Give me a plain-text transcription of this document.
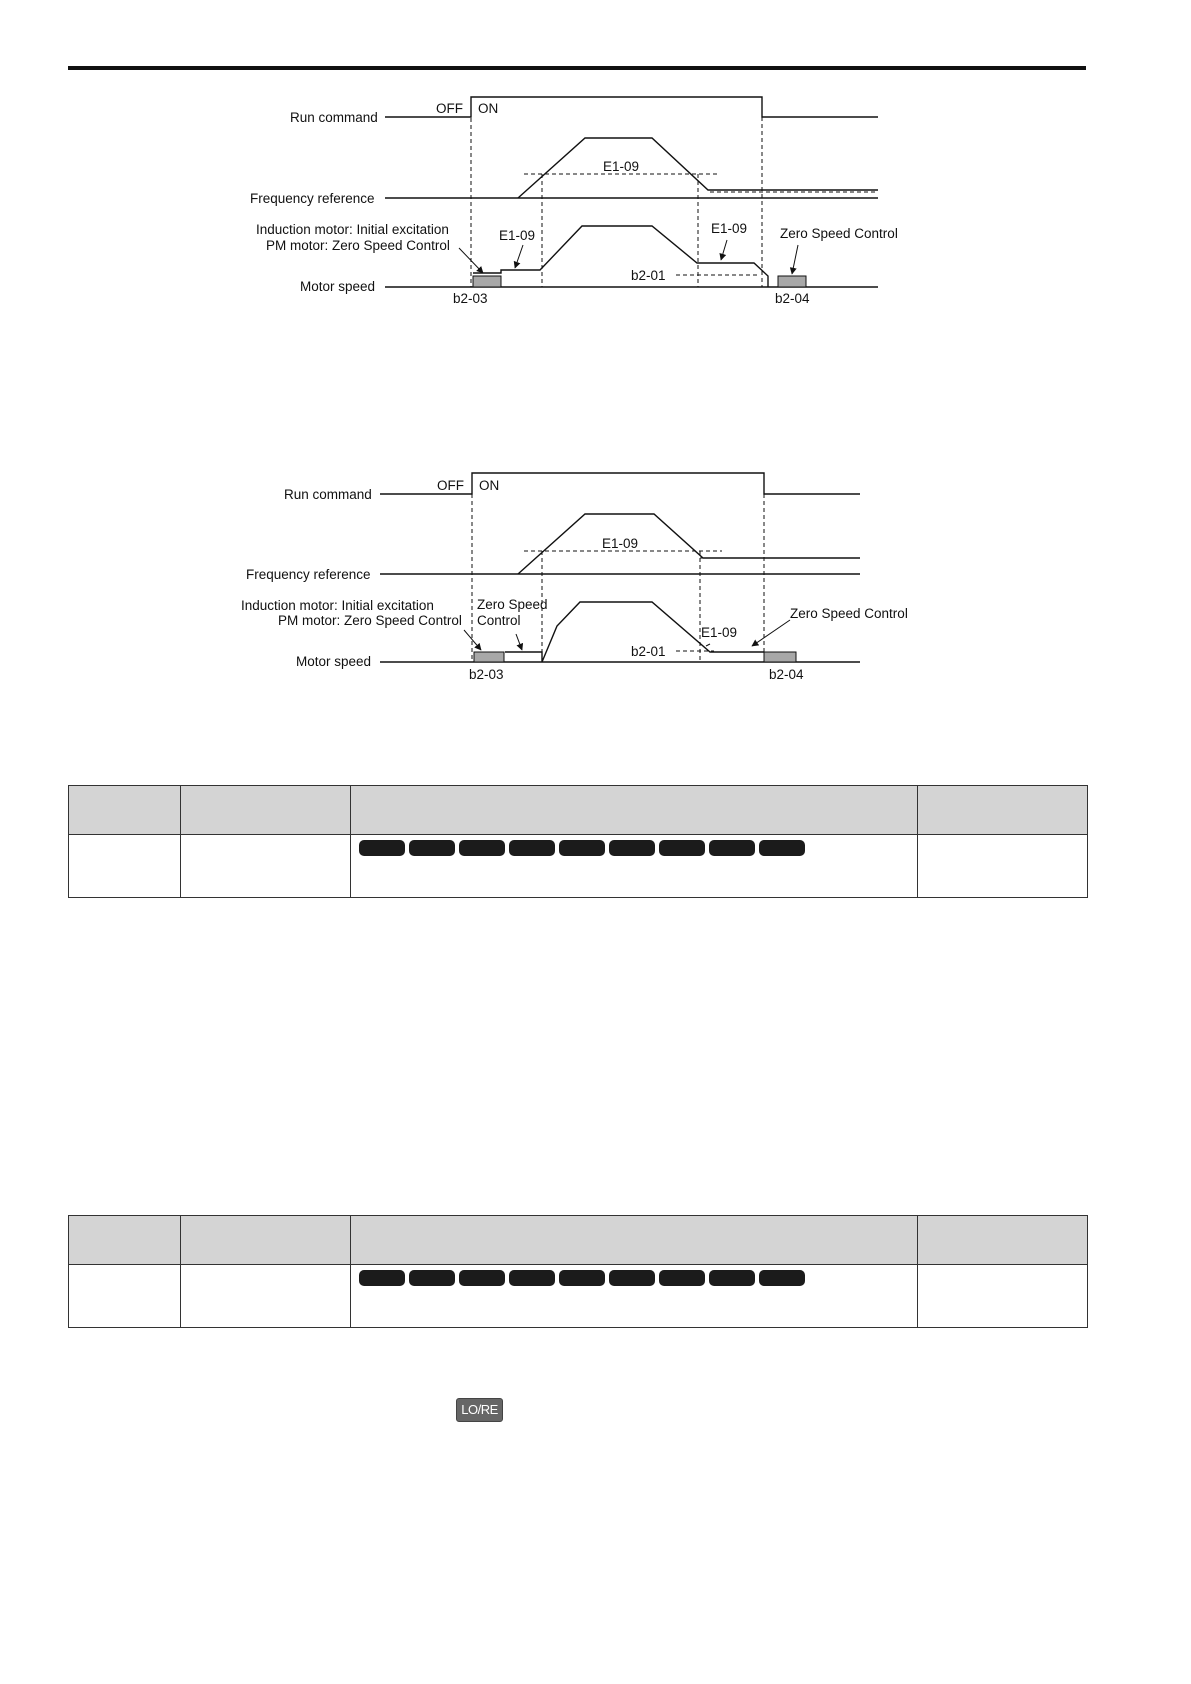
Run command
OFF ON
Frequency reference
E1-09
Induction motor: Initial excitation
PM motor: Zero Speed Control
E1-09	E1-09 Zero Speed Control
b2-01
Motor speed
b2-03	b2-04
Run command
OFF ON
Frequency reference
E1-09
Induction motor: Initial excitation
PM motor: Zero Speed Control
Zero Speed
Control
E1-09
Zero Speed Control
b2-01
Motor speed
b2-03	b2-04

LO/RE
